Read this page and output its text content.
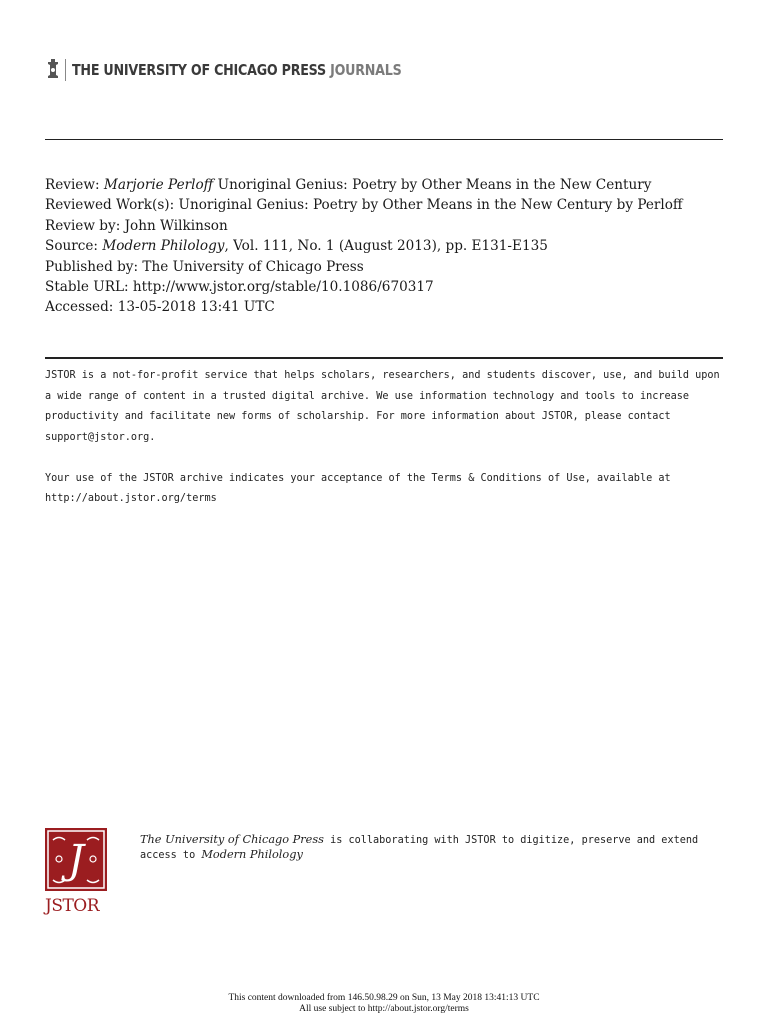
THE UNIVERSITY OF CHICAGO PRESS JOURNALS
Review: Marjorie Perloff Unoriginal Genius: Poetry by Other Means in the New Century
Reviewed Work(s): Unoriginal Genius: Poetry by Other Means in the New Century by Perloff
Review by: John Wilkinson
Source: Modern Philology, Vol. 111, No. 1 (August 2013), pp. E131-E135
Published by: The University of Chicago Press
Stable URL: http://www.jstor.org/stable/10.1086/670317
Accessed: 13-05-2018 13:41 UTC

JSTOR is a not-for-profit service that helps scholars, researchers, and students discover, use, and build upon a wide range of content in a trusted digital archive. We use information technology and tools to increase productivity and facilitate new forms of scholarship. For more information about JSTOR, please contact support@jstor.org.

Your use of the JSTOR archive indicates your acceptance of the Terms & Conditions of Use, available at http://about.jstor.org/terms

J
JSTOR
The University of Chicago Press is collaborating with JSTOR to digitize, preserve and extend access to Modern Philology
This content downloaded from 146.50.98.29 on Sun, 13 May 2018 13:41:13 UTC
All use subject to http://about.jstor.org/terms
